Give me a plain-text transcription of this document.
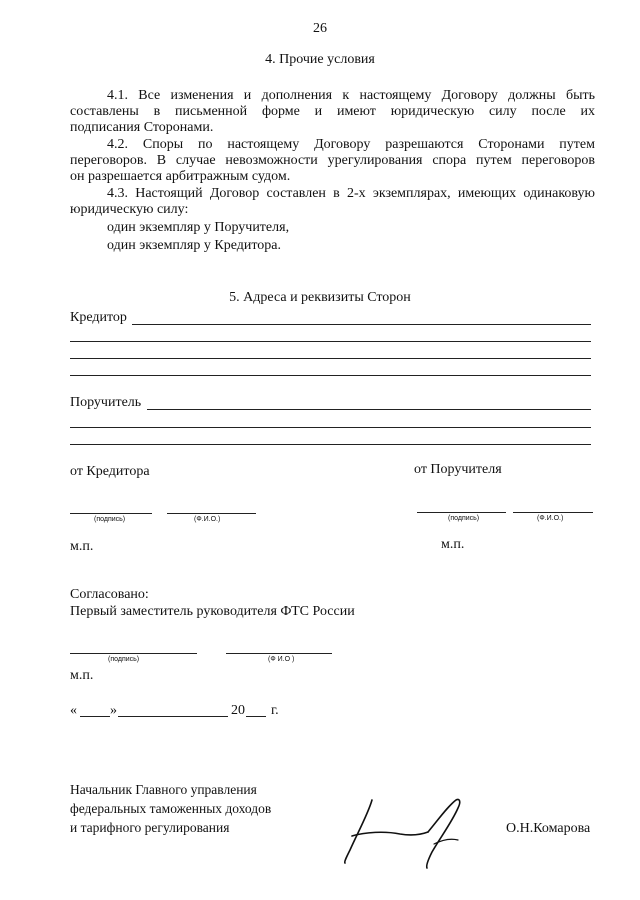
26
4. Прочие условия
4.1. Все изменения и дополнения к настоящему Договору должны быть
составлены в письменной форме и имеют юридическую силу после их
подписания Сторонами.
4.2. Споры по настоящему Договору разрешаются Сторонами путем
переговоров. В случае невозможности урегулирования спора путем переговоров
он разрешается арбитражным судом.
4.3. Настоящий Договор составлен в 2-х экземплярах, имеющих одинаковую
юридическую силу:
один экземпляр у Поручителя,
один экземпляр у Кредитора.
5. Адреса и реквизиты Сторон
Кредитор
Поручитель
от Кредитора	от Поручителя
(подпись)	(Ф.И.О.)
м.п.
(подпись)	(Ф.И.О.)
м.п.
Согласовано:
Первый заместитель руководителя ФТС России
(подпись)	(Ф И.О )
м.п.
« »	20 г.
Начальник Главного управления
федеральных таможенных доходов
и тарифного регулирования	О.Н.Комарова
